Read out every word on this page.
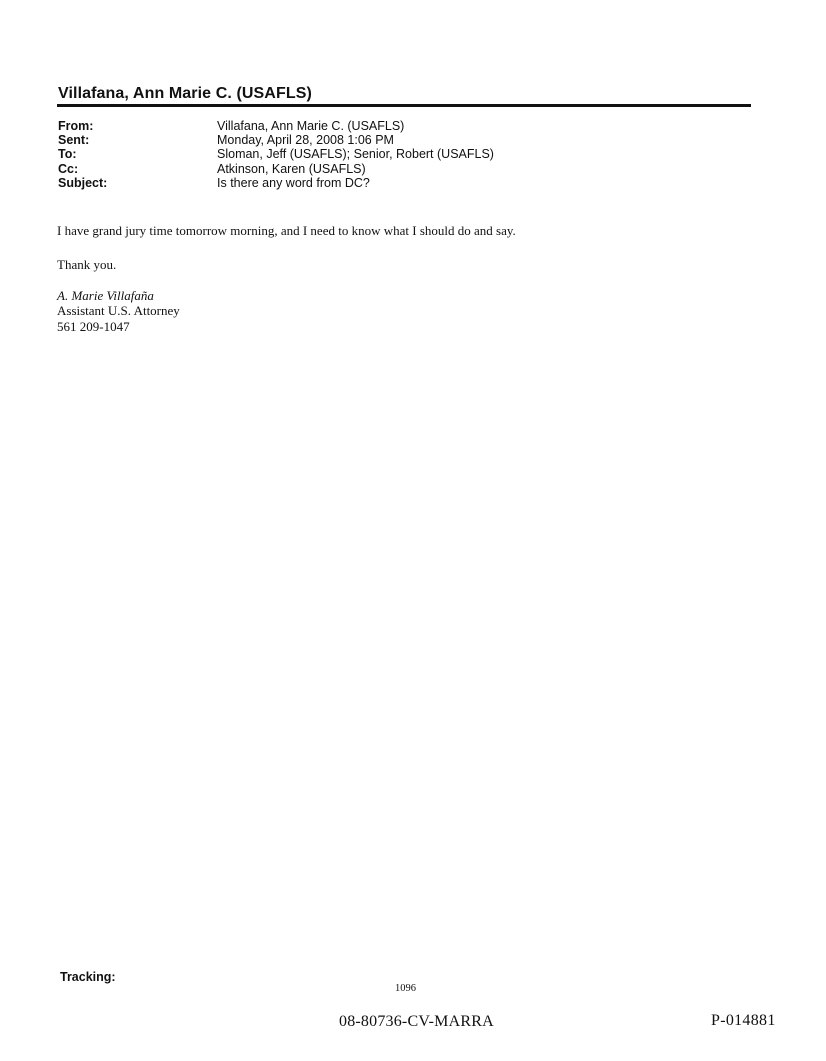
Villafana, Ann Marie C. (USAFLS)
From:	Villafana, Ann Marie C. (USAFLS)
Sent:	Monday, April 28, 2008 1:06 PM
To:	Sloman, Jeff (USAFLS); Senior, Robert (USAFLS)
Cc:	Atkinson, Karen (USAFLS)
Subject:	Is there any word from DC?
I have grand jury time tomorrow morning, and I need to know what I should do and say.
Thank you.
A. Marie Villafaña
Assistant U.S. Attorney
561 209-1047
Tracking:
1096
08-80736-CV-MARRA	P-014881
